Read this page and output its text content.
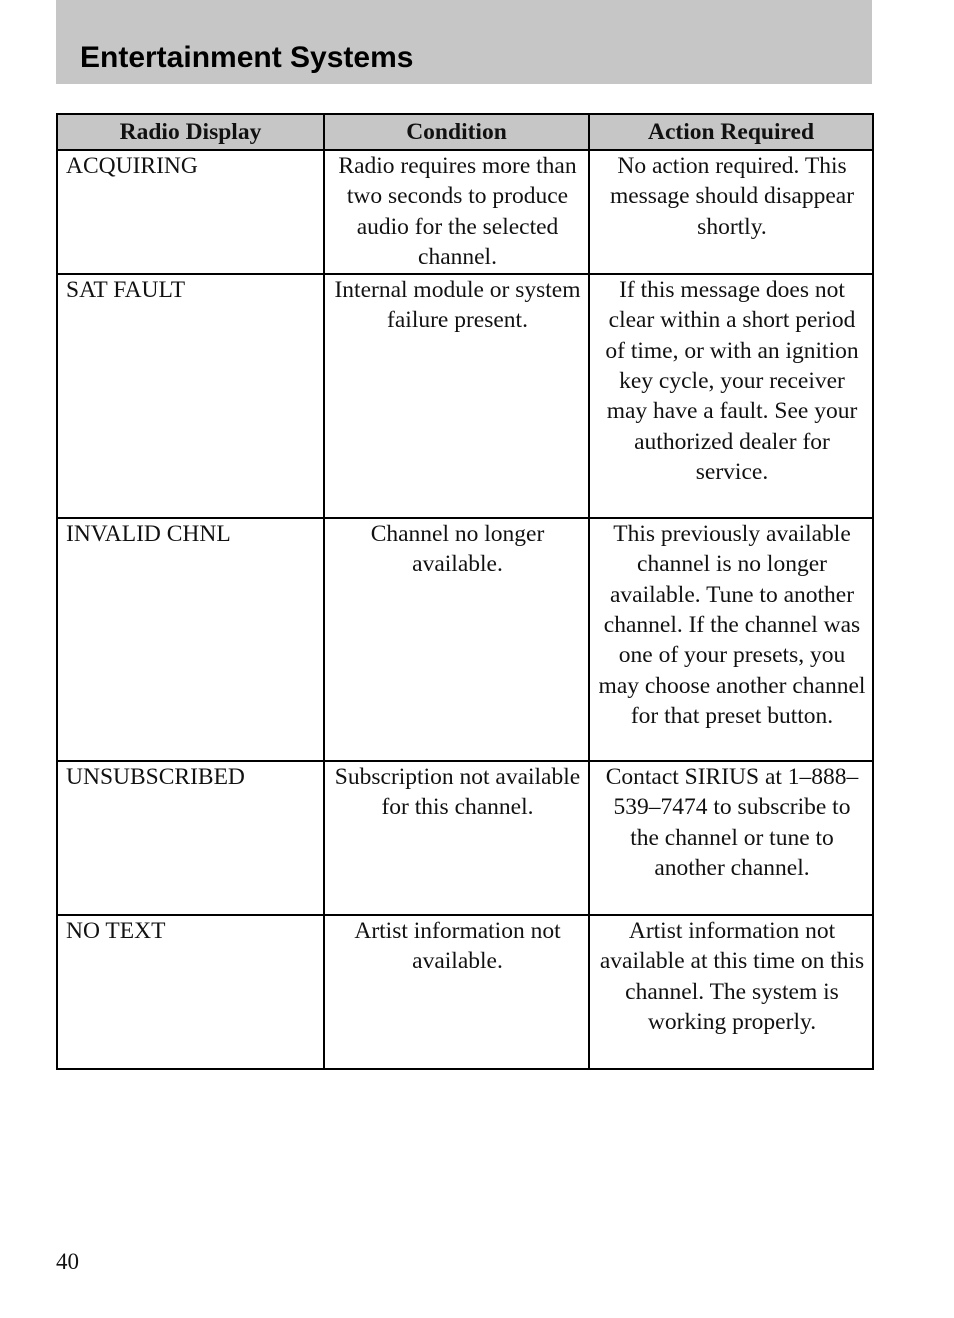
Entertainment Systems
Radio Display	Condition	Action Required
ACQUIRING	Radio requires more than two seconds to produce audio for the selected channel.	No action required. This message should disappear shortly.
SAT FAULT	Internal module or system failure present.	If this message does not clear within a short period of time, or with an ignition key cycle, your receiver may have a fault. See your authorized dealer for service.
INVALID CHNL	Channel no longer available.	This previously available channel is no longer available. Tune to another channel. If the channel was one of your presets, you may choose another channel for that preset button.
UNSUBSCRIBED	Subscription not available for this channel.	Contact SIRIUS at 1–888–539–7474 to subscribe to the channel or tune to another channel.
NO TEXT	Artist information not available.	Artist information not available at this time on this channel. The system is working properly.
40
